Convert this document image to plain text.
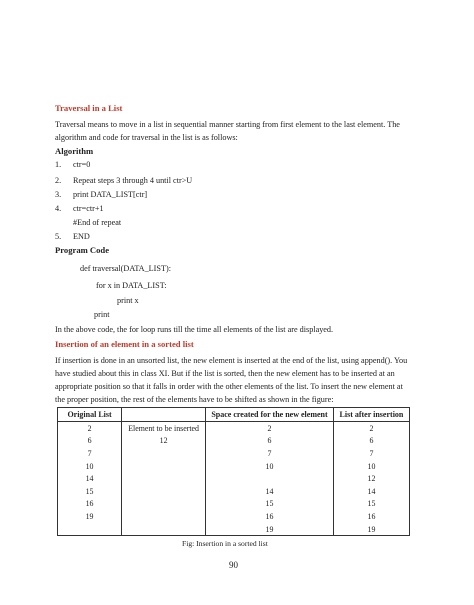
Traversal in a List
Traversal means to move in a list in sequential manner starting from first element to the last element. The
algorithm and code for traversal in the list is as follows:
Algorithm
1. ctr=0
2. Repeat steps 3 through 4 until ctr>U
3. print DATA_LIST[ctr]
4. ctr=ctr+1
#End of repeat
5. END
Program Code
def traversal(DATA_LIST):
for x in DATA_LIST:
print x
print
In the above code, the for loop runs till the time all elements of the list are displayed.
Insertion of an element in a sorted list
If insertion is done in an unsorted list, the new element is inserted at the end of the list, using append(). You
have studied about this in class XI. But if the list is sorted, then the new element has to be inserted at an
appropriate position so that it falls in order with the other elements of the list. To insert the new element at
the proper position, the rest of the elements have to be shifted as shown in the figure:
Original List		Space created for the new element	List after insertion
2	Element to be inserted	2	2
6	12	6	6
7		7	7
10		10	10
14			12
15		14	14
16		15	15
19		16	16
		19	19
Fig: Insertion in a sorted list
90
